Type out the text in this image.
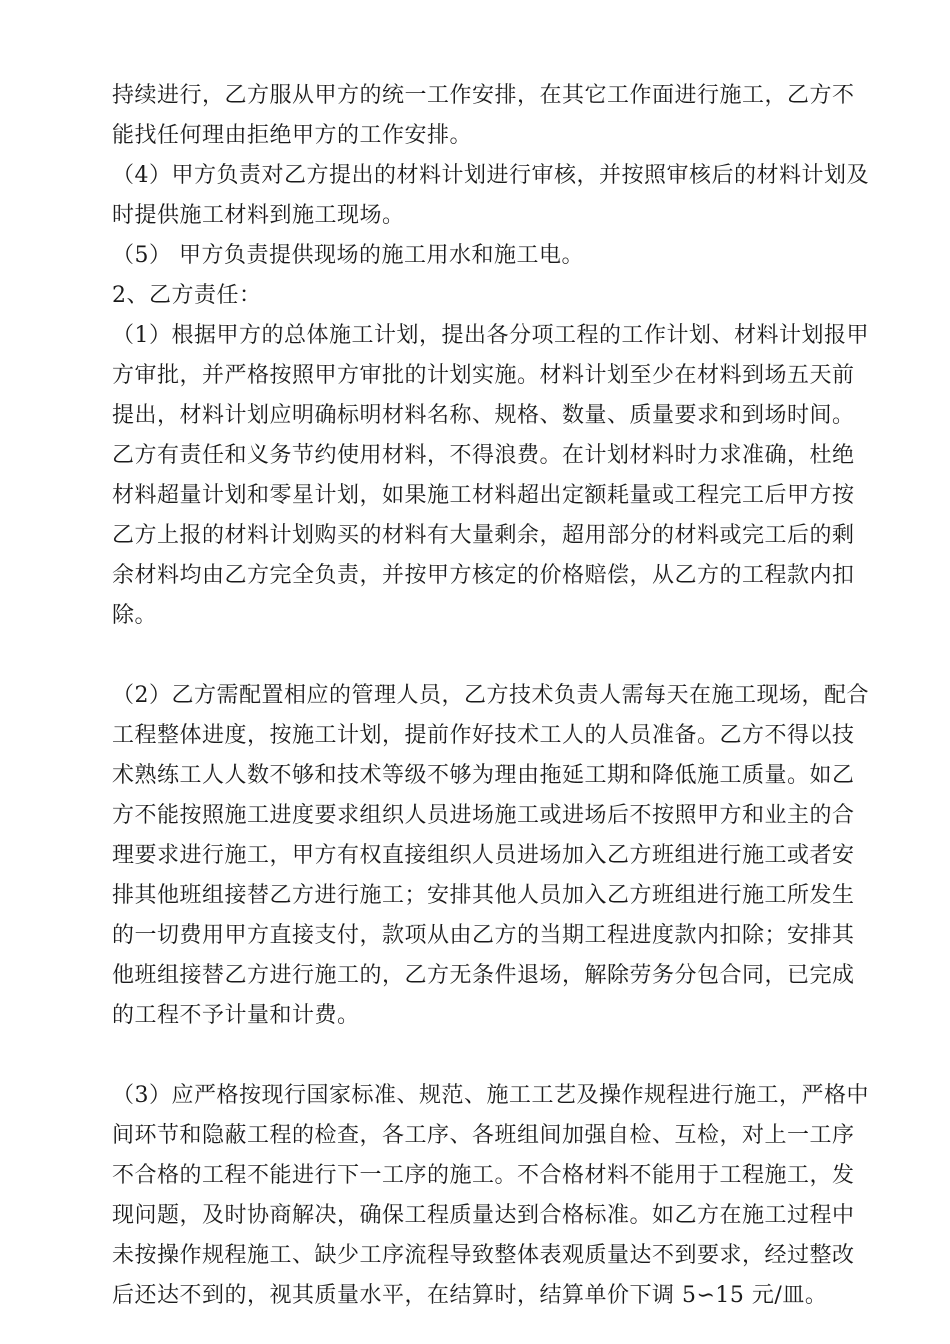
持续进行，乙方服从甲方的统一工作安排，在其它工作面进行施工，乙方不
能找任何理由拒绝甲方的工作安排。
（4）甲方负责对乙方提出的材料计划进行审核，并按照审核后的材料计划及
时提供施工材料到施工现场。
（5） 甲方负责提供现场的施工用水和施工电。
2、乙方责任：
（1）根据甲方的总体施工计划，提出各分项工程的工作计划、材料计划报甲
方审批，并严格按照甲方审批的计划实施。材料计划至少在材料到场五天前
提出，材料计划应明确标明材料名称、规格、数量、质量要求和到场时间。
乙方有责任和义务节约使用材料，不得浪费。在计划材料时力求准确，杜绝
材料超量计划和零星计划，如果施工材料超出定额耗量或工程完工后甲方按
乙方上报的材料计划购买的材料有大量剩余，超用部分的材料或完工后的剩
余材料均由乙方完全负责，并按甲方核定的价格赔偿，从乙方的工程款内扣
除。
（2）乙方需配置相应的管理人员，乙方技术负责人需每天在施工现场，配合
工程整体进度，按施工计划，提前作好技术工人的人员准备。乙方不得以技
术熟练工人人数不够和技术等级不够为理由拖延工期和降低施工质量。如乙
方不能按照施工进度要求组织人员进场施工或进场后不按照甲方和业主的合
理要求进行施工，甲方有权直接组织人员进场加入乙方班组进行施工或者安
排其他班组接替乙方进行施工；安排其他人员加入乙方班组进行施工所发生
的一切费用甲方直接支付，款项从由乙方的当期工程进度款内扣除；安排其
他班组接替乙方进行施工的，乙方无条件退场，解除劳务分包合同，已完成
的工程不予计量和计费。
（3）应严格按现行国家标准、规范、施工工艺及操作规程进行施工，严格中
间环节和隐蔽工程的检查，各工序、各班组间加强自检、互检，对上一工序
不合格的工程不能进行下一工序的施工。不合格材料不能用于工程施工，发
现问题，及时协商解决，确保工程质量达到合格标准。如乙方在施工过程中
未按操作规程施工、缺少工序流程导致整体表观质量达不到要求，经过整改
后还达不到的，视其质量水平，在结算时，结算单价下调 5∽15 元/皿。
